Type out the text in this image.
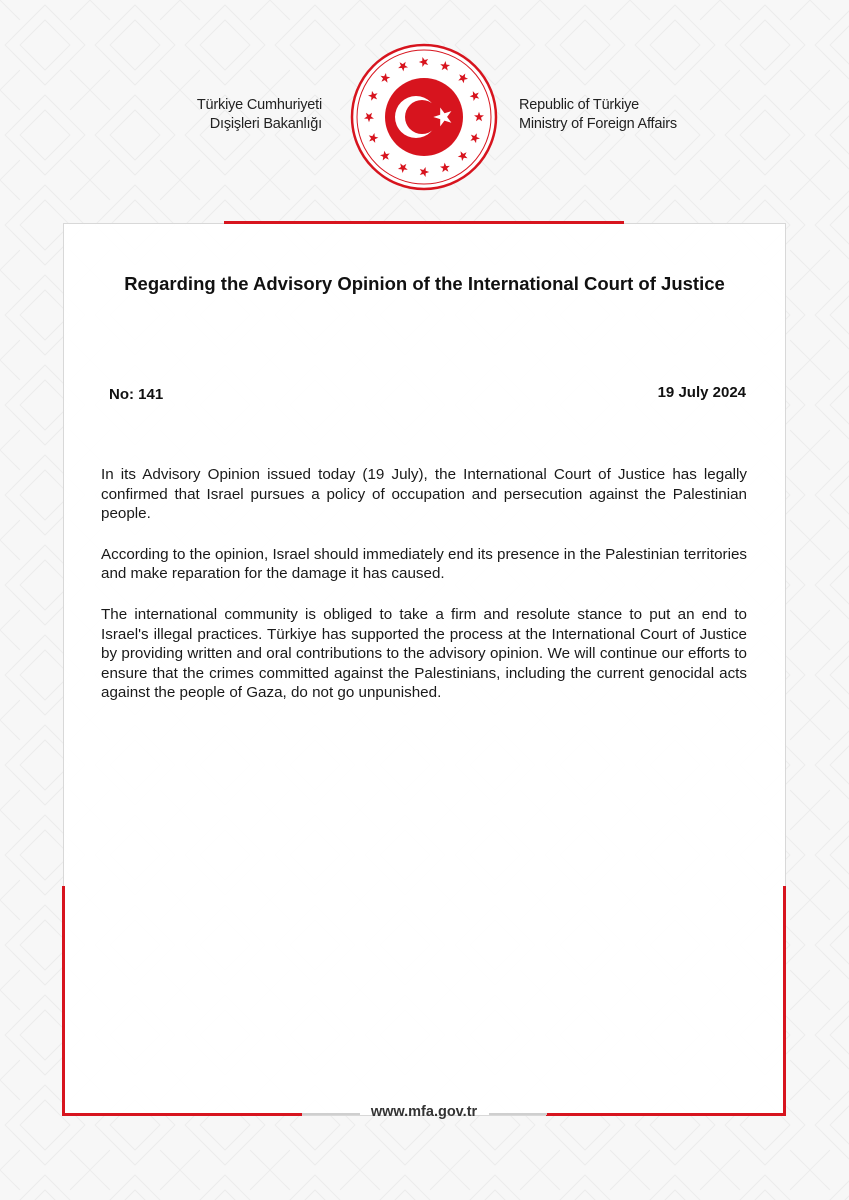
Türkiye Cumhuriyeti
Dışişleri Bakanlığı
Republic of Türkiye
Ministry of Foreign Affairs
Regarding the Advisory Opinion of the International Court of Justice
No: 141	19 July 2024

In its Advisory Opinion issued today (19 July), the International Court of Justice has legally confirmed that Israel pursues a policy of occupation and persecution against the Palestinian people.

According to the opinion, Israel should immediately end its presence in the Palestinian territories and make reparation for the damage it has caused.

The international community is obliged to take a firm and resolute stance to put an end to Israel's illegal practices. Türkiye has supported the process at the International Court of Justice by providing written and oral contributions to the advisory opinion. We will continue our efforts to ensure that the crimes committed against the Palestinians, including the current genocidal acts against the people of Gaza, do not go unpunished.

www.mfa.gov.tr
